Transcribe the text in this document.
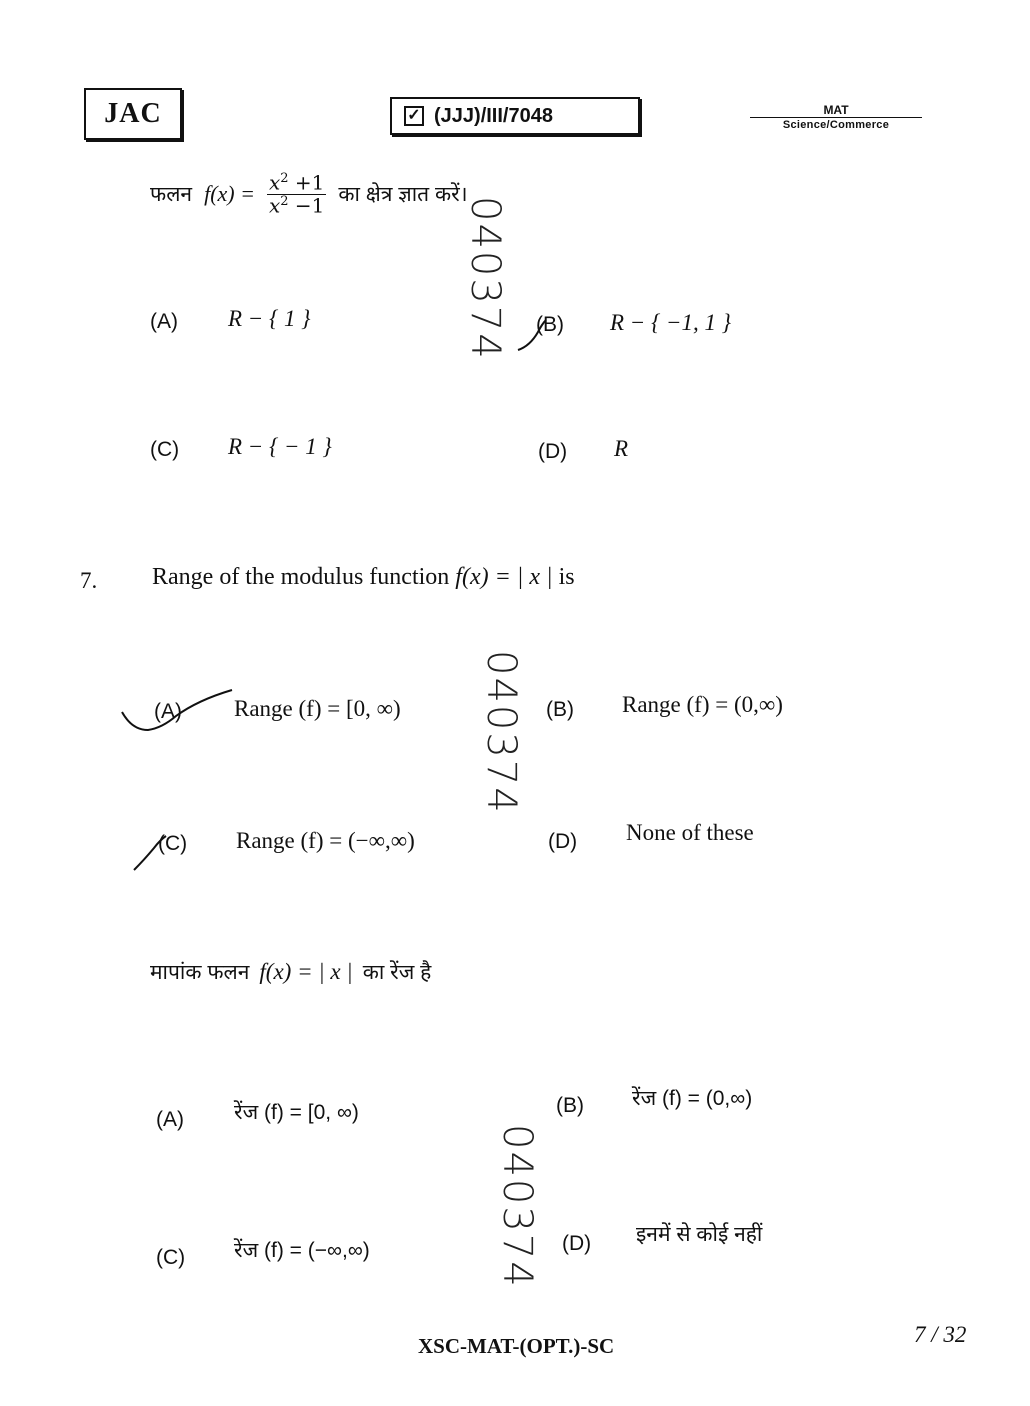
JAC	✓ (JJJ)/III/7048	MAT
Science/Commerce
फलन $f(x) = \frac{x^2 +1}{x^2 -1}$ का क्षेत्र ज्ञात करें।
(A) R − { 1 }	(B) R − { −1, 1 }
(C) R − { − 1 }	(D) R
040374
7. Range of the modulus function f(x) = | x | is
(A) Range (f) = [0, ∞)	(B) Range (f) = (0,∞)
(C) Range (f) = (−∞,∞)	(D) None of these
040374
मापांक फलन f(x) = | x | का रेंज है
(A) रेंज (f) = [0, ∞)	(B) रेंज (f) = (0,∞)
(C) रेंज (f) = (−∞,∞)	(D) इनमें से कोई नहीं
040374
XSC-MAT-(OPT.)-SC	7 / 32
